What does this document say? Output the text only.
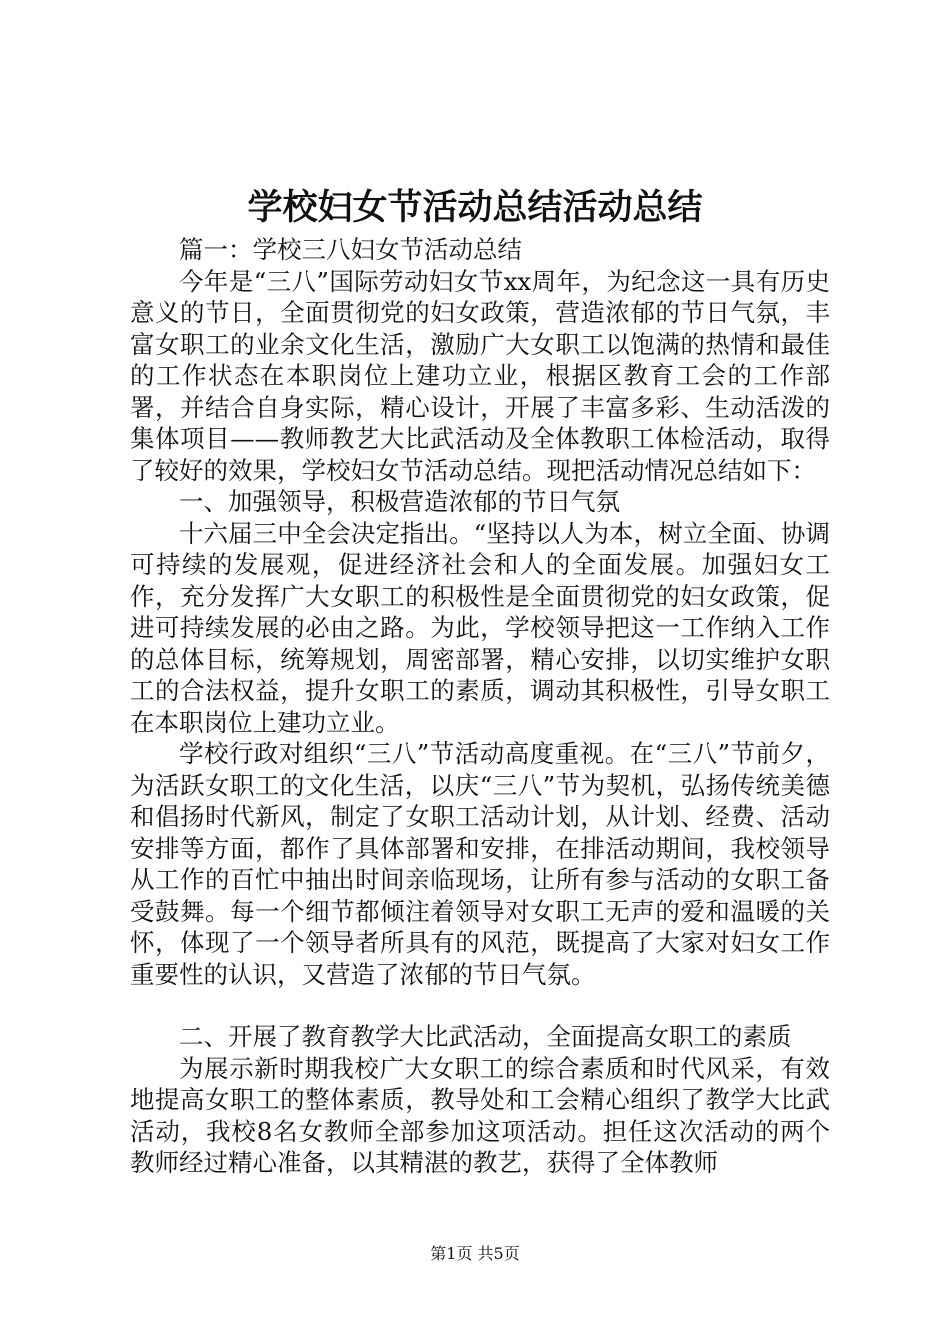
学校妇女节活动总结活动总结

篇一：学校三八妇女节活动总结

今年是“三八”国际劳动妇女节xx周年，为纪念这一具有历史意义的节日，全面贯彻党的妇女政策，营造浓郁的节日气氛，丰富女职工的业余文化生活，激励广大女职工以饱满的热情和最佳的工作状态在本职岗位上建功立业，根据区教育工会的工作部署，并结合自身实际，精心设计，开展了丰富多彩、生动活泼的集体项目——教师教艺大比武活动及全体教职工体检活动，取得了较好的效果，学校妇女节活动总结。现把活动情况总结如下：

一、加强领导，积极营造浓郁的节日气氛

十六届三中全会决定指出。“坚持以人为本，树立全面、协调可持续的发展观，促进经济社会和人的全面发展。加强妇女工作，充分发挥广大女职工的积极性是全面贯彻党的妇女政策，促进可持续发展的必由之路。为此，学校领导把这一工作纳入工作的总体目标，统筹规划，周密部署，精心安排，以切实维护女职工的合法权益，提升女职工的素质，调动其积极性，引导女职工在本职岗位上建功立业。

学校行政对组织“三八”节活动高度重视。在“三八”节前夕，为活跃女职工的文化生活，以庆“三八”节为契机，弘扬传统美德和倡扬时代新风，制定了女职工活动计划，从计划、经费、活动安排等方面，都作了具体部署和安排，在排活动期间，我校领导从工作的百忙中抽出时间亲临现场，让所有参与活动的女职工备受鼓舞。每一个细节都倾注着领导对女职工无声的爱和温暖的关怀，体现了一个领导者所具有的风范，既提高了大家对妇女工作重要性的认识，又营造了浓郁的节日气氛。

二、开展了教育教学大比武活动，全面提高女职工的素质

为展示新时期我校广大女职工的综合素质和时代风采，有效地提高女职工的整体素质，教导处和工会精心组织了教学大比武活动，我校8名女教师全部参加这项活动。担任这次活动的两个教师经过精心准备，以其精湛的教艺，获得了全体教师

第1页 共5页
